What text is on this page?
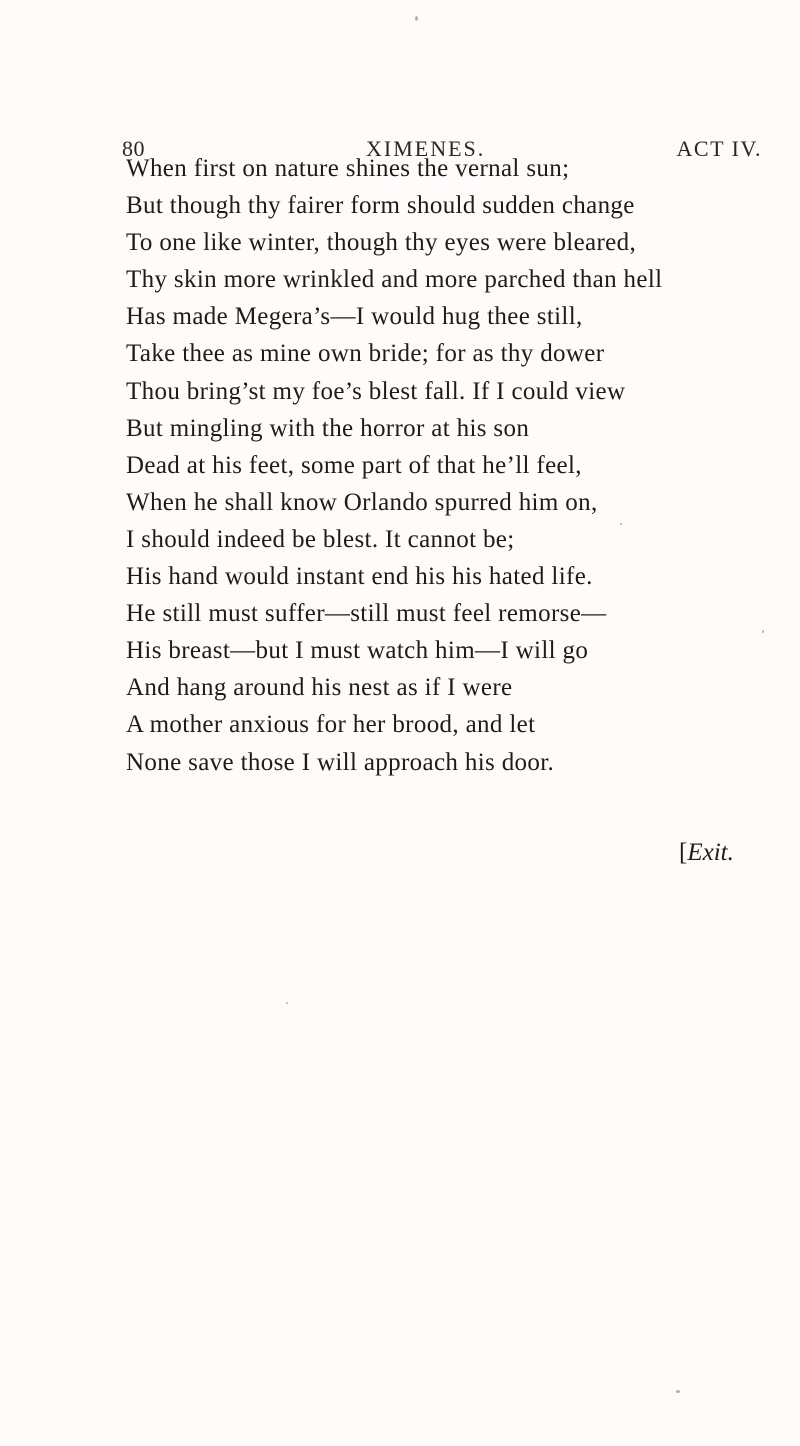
80	XIMENES.	ACT IV.
When first on nature shines the vernal sun;
But though thy fairer form should sudden change
To one like winter, though thy eyes were bleared,
Thy skin more wrinkled and more parched than hell
Has made Megera’s—I would hug thee still,
Take thee as mine own bride; for as thy dower
Thou bring’st my foe’s blest fall. If I could view
But mingling with the horror at his son
Dead at his feet, some part of that he’ll feel,
When he shall know Orlando spurred him on,
I should indeed be blest. It cannot be;
His hand would instant end his his hated life.
He still must suffer—still must feel remorse—
His breast—but I must watch him—I will go
And hang around his nest as if I were
A mother anxious for her brood, and let
None save those I will approach his door.
[Exit.
